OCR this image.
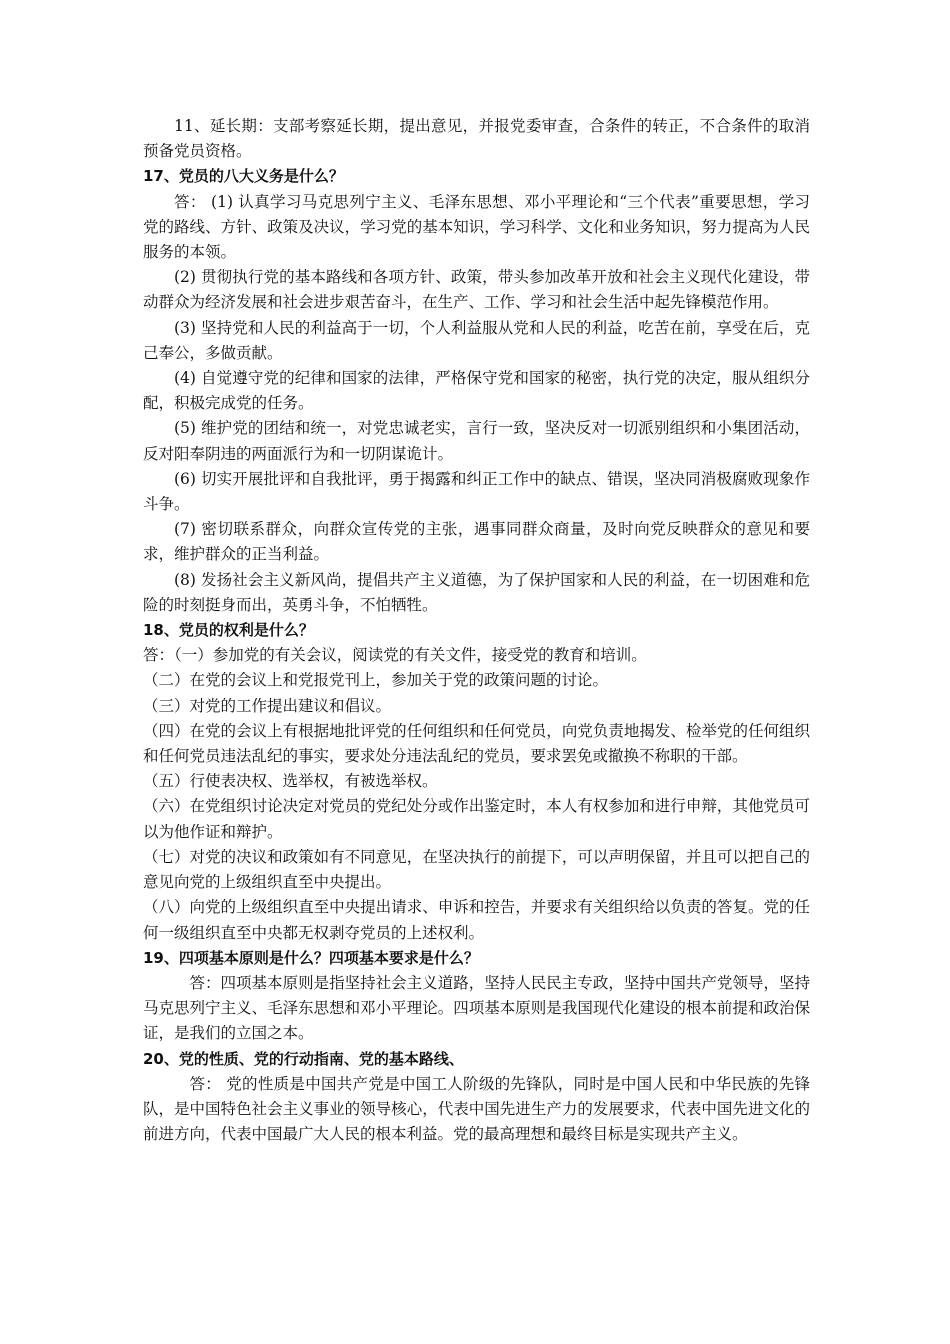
11、延长期：支部考察延长期，提出意见，并报党委审查，合条件的转正，不合条件的取消预备党员资格。

17、党员的八大义务是什么？

答： (1) 认真学习马克思列宁主义、毛泽东思想、邓小平理论和“三个代表”重要思想，学习党的路线、方针、政策及决议，学习党的基本知识，学习科学、文化和业务知识，努力提高为人民服务的本领。

(2) 贯彻执行党的基本路线和各项方针、政策，带头参加改革开放和社会主义现代化建设，带动群众为经济发展和社会进步艰苦奋斗，在生产、工作、学习和社会生活中起先锋模范作用。

(3) 坚持党和人民的利益高于一切，个人利益服从党和人民的利益，吃苦在前，享受在后，克己奉公，多做贡献。

(4) 自觉遵守党的纪律和国家的法律，严格保守党和国家的秘密，执行党的决定，服从组织分配，积极完成党的任务。

(5) 维护党的团结和统一，对党忠诚老实，言行一致，坚决反对一切派别组织和小集团活动，反对阳奉阴违的两面派行为和一切阴谋诡计。

(6) 切实开展批评和自我批评，勇于揭露和纠正工作中的缺点、错误，坚决同消极腐败现象作斗争。

(7) 密切联系群众，向群众宣传党的主张，遇事同群众商量，及时向党反映群众的意见和要求，维护群众的正当利益。

(8) 发扬社会主义新风尚，提倡共产主义道德，为了保护国家和人民的利益，在一切困难和危险的时刻挺身而出，英勇斗争，不怕牺牲。

18、党员的权利是什么？

答：（一）参加党的有关会议，阅读党的有关文件，接受党的教育和培训。

（二）在党的会议上和党报党刊上，参加关于党的政策问题的讨论。

（三）对党的工作提出建议和倡议。

（四）在党的会议上有根据地批评党的任何组织和任何党员，向党负责地揭发、检举党的任何组织和任何党员违法乱纪的事实，要求处分违法乱纪的党员，要求罢免或撤换不称职的干部。

（五）行使表决权、选举权，有被选举权。

（六）在党组织讨论决定对党员的党纪处分或作出鉴定时，本人有权参加和进行申辩，其他党员可以为他作证和辩护。

（七）对党的决议和政策如有不同意见，在坚决执行的前提下，可以声明保留，并且可以把自己的意见向党的上级组织直至中央提出。

（八）向党的上级组织直至中央提出请求、申诉和控告，并要求有关组织给以负责的答复。党的任何一级组织直至中央都无权剥夺党员的上述权利。

19、四项基本原则是什么？四项基本要求是什么？

答：四项基本原则是指坚持社会主义道路，坚持人民民主专政，坚持中国共产党领导，坚持马克思列宁主义、毛泽东思想和邓小平理论。四项基本原则是我国现代化建设的根本前提和政治保证，是我们的立国之本。

20、党的性质、党的行动指南、党的基本路线、

答： 党的性质是中国共产党是中国工人阶级的先锋队，同时是中国人民和中华民族的先锋队，是中国特色社会主义事业的领导核心，代表中国先进生产力的发展要求，代表中国先进文化的前进方向，代表中国最广大人民的根本利益。党的最高理想和最终目标是实现共产主义。
